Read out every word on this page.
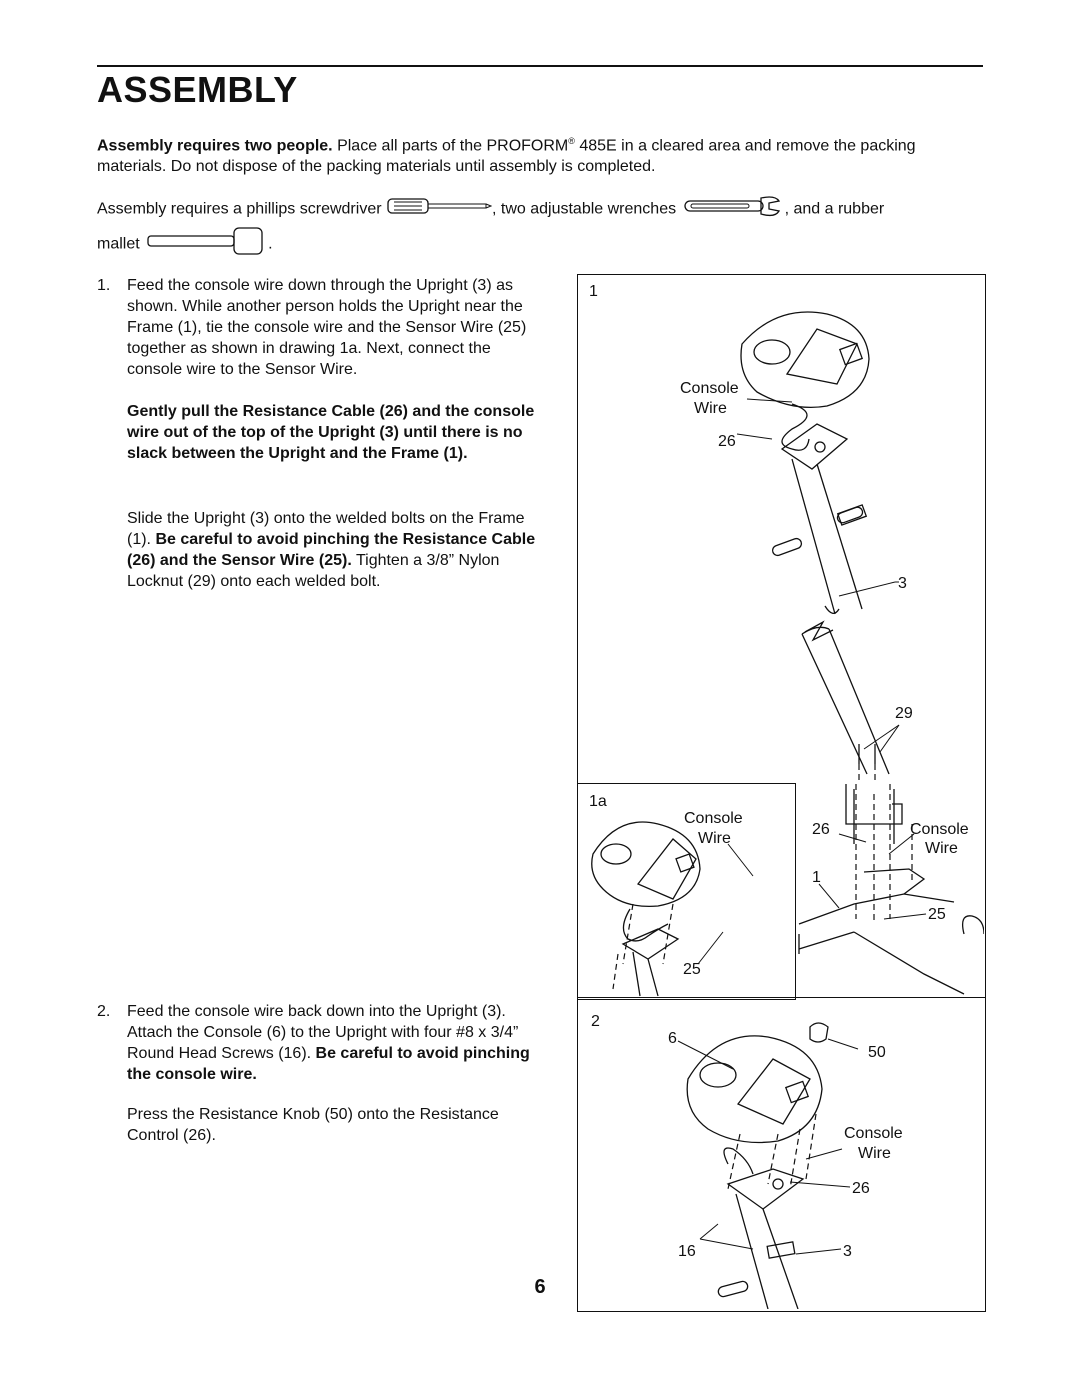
ASSEMBLY
Assembly requires two people. Place all parts of the PROFORM® 485E in a cleared area and remove the packing materials. Do not dispose of the packing materials until assembly is completed.
Assembly requires a phillips screwdriver	, two adjustable wrenches	, and a rubber
mallet	.
1. Feed the console wire down through the Upright (3) as shown. While another person holds the Upright near the Frame (1), tie the console wire and the Sensor Wire (25) together as shown in drawing 1a. Next, connect the console wire to the Sensor Wire.
Gently pull the Resistance Cable (26) and the console wire out of the top of the Upright (3) until there is no slack between the Upright and the Frame (1).
Slide the Upright (3) onto the welded bolts on the Frame (1). Be careful to avoid pinching the Resistance Cable (26) and the Sensor Wire (25). Tighten a 3/8” Nylon Locknut (29) onto each welded bolt.
2. Feed the console wire back down into the Upright (3). Attach the Console (6) to the Upright with four #8 x 3/4” Round Head Screws (16). Be careful to avoid pinching the console wire.
Press the Resistance Knob (50) onto the Resistance Control (26).
1
Console
Wire
26
3
29
26	Console
Wire
1
25
1a
Console
Wire
25
2
6
50
Console
Wire
26
16	3
6
